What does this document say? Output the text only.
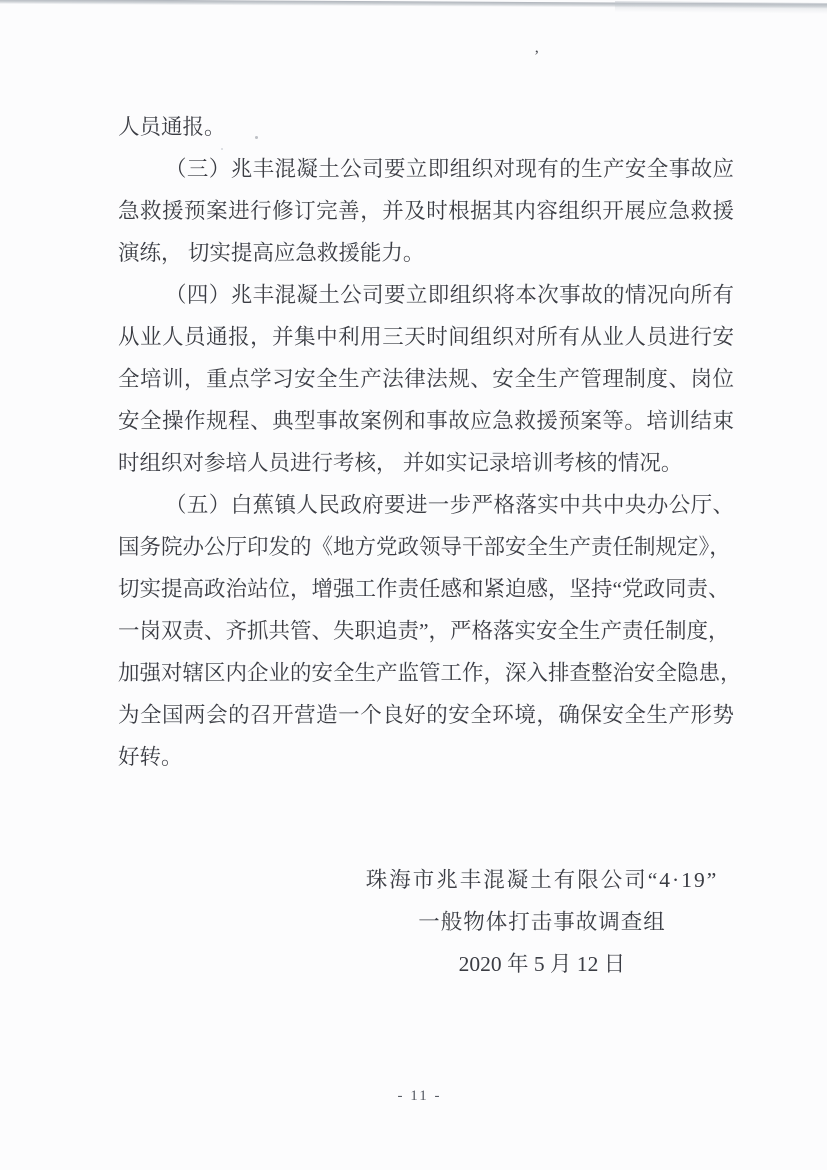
’

人员通报。

（三）兆丰混凝土公司要立即组织对现有的生产安全事故应

急救援预案进行修订完善，并及时根据其内容组织开展应急救援

演练， 切实提高应急救援能力。

（四）兆丰混凝土公司要立即组织将本次事故的情况向所有

从业人员通报，并集中利用三天时间组织对所有从业人员进行安

全培训，重点学习安全生产法律法规、安全生产管理制度、岗位

安全操作规程、典型事故案例和事故应急救援预案等。培训结束

时组织对参培人员进行考核， 并如实记录培训考核的情况。

（五）白蕉镇人民政府要进一步严格落实中共中央办公厅、

国务院办公厅印发的《地方党政领导干部安全生产责任制规定》，

切实提高政治站位，增强工作责任感和紧迫感，坚持“党政同责、

一岗双责、齐抓共管、失职追责”，严格落实安全生产责任制度，

加强对辖区内企业的安全生产监管工作，深入排查整治安全隐患，

为全国两会的召开营造一个良好的安全环境，确保安全生产形势

好转。

珠海市兆丰混凝土有限公司“4·19”
一般物体打击事故调查组
2020 年 5 月 12 日
- 11 -
